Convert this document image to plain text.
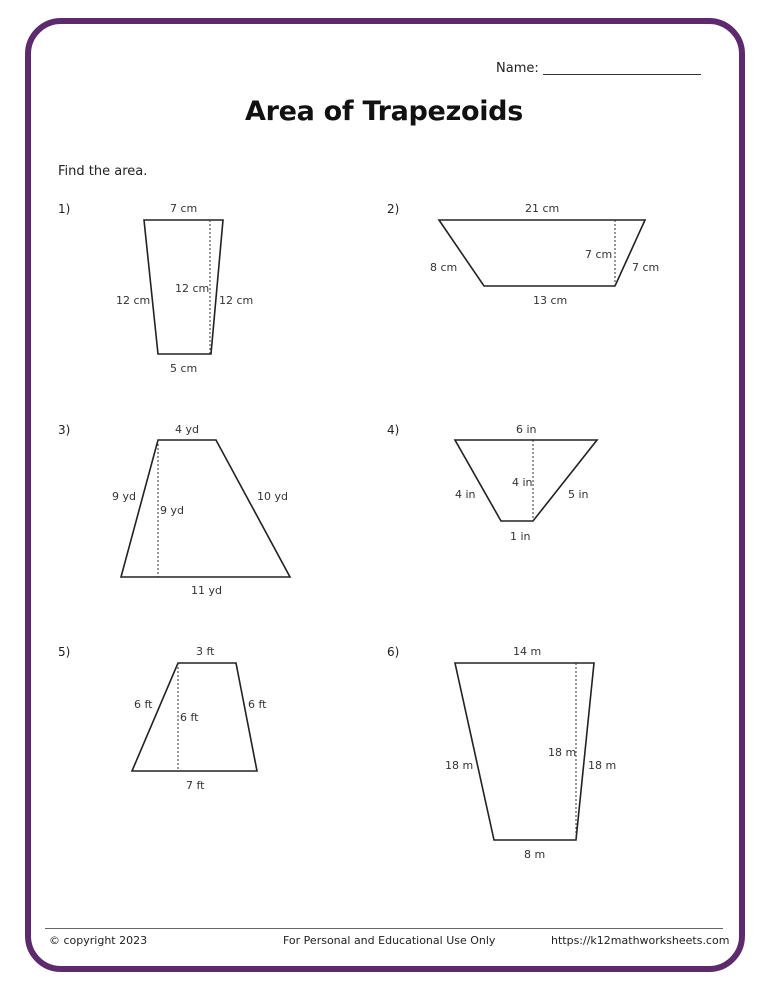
Name:
Area of Trapezoids
Find the area.
1)	7 cm
12 cm
12 cm
12 cm
5 cm
2)	21 cm
8 cm
7 cm
7 cm
13 cm
3)	4 yd
9 yd
9 yd
10 yd
11 yd
4)	6 in
4 in
4 in
5 in
1 in
5)	3 ft
6 ft
6 ft
6 ft
7 ft
6)	14 m
18 m
18 m
18 m
8 m
© copyright 2023	For Personal and Educational Use Only	https://k12mathworksheets.com
